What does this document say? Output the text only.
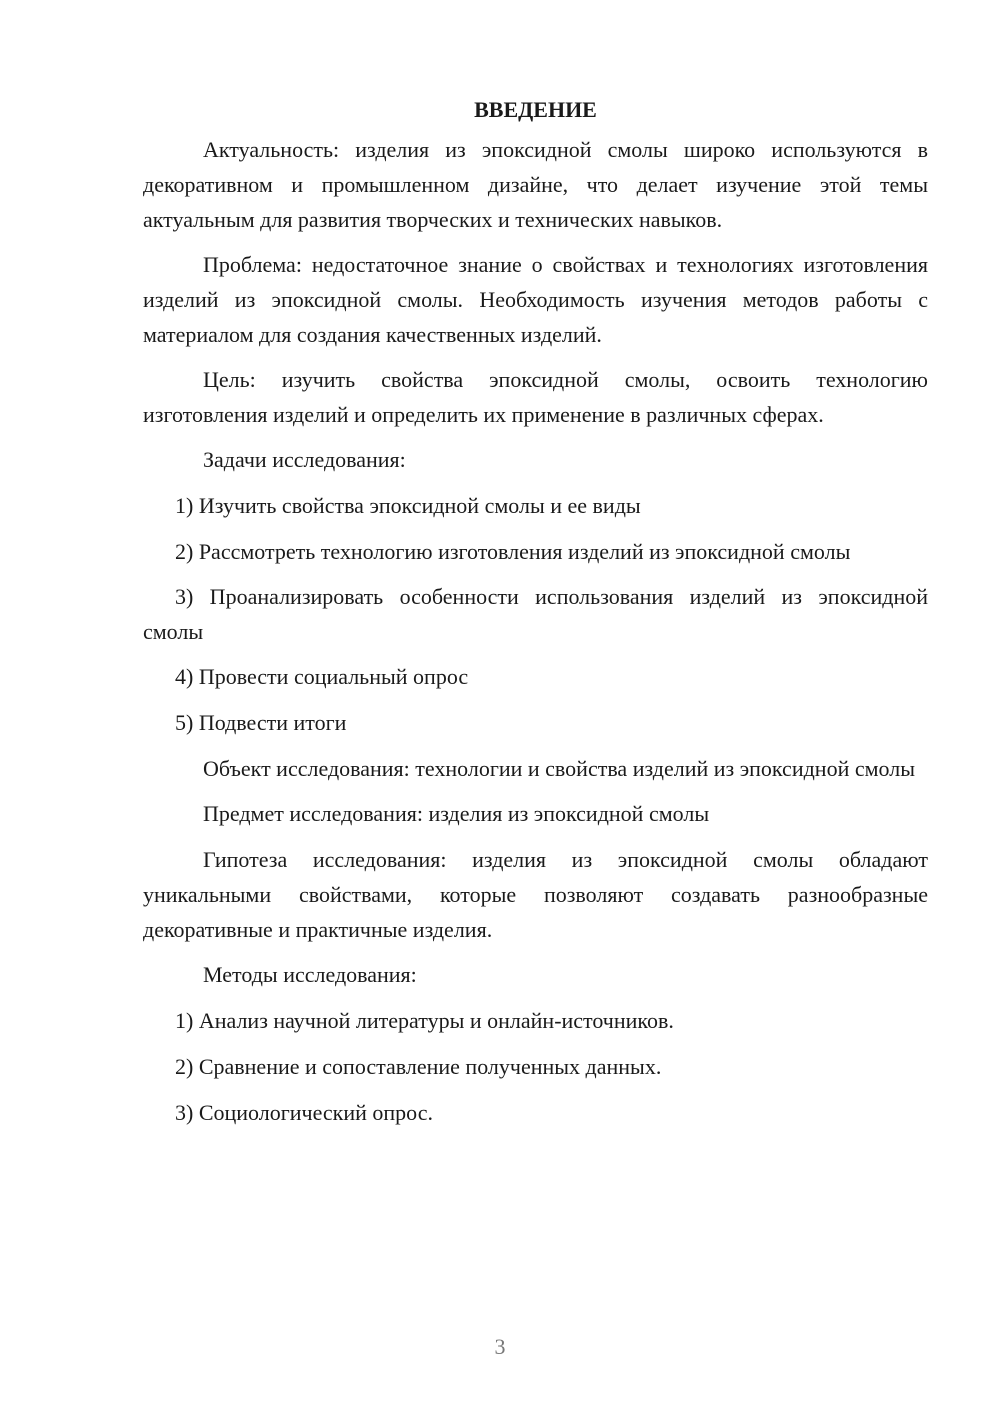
ВВЕДЕНИЕ

Актуальность: изделия из эпоксидной смолы широко используются в декоративном и промышленном дизайне, что делает изучение этой темы актуальным для развития творческих и технических навыков.

Проблема: недостаточное знание о свойствах и технологиях изготовления изделий из эпоксидной смолы. Необходимость изучения методов работы с материалом для создания качественных изделий.

Цель: изучить свойства эпоксидной смолы, освоить технологию изготовления изделий и определить их применение в различных сферах.

Задачи исследования:

1) Изучить свойства эпоксидной смолы и ее виды

2) Рассмотреть технологию изготовления изделий из эпоксидной смолы

3) Проанализировать особенности использования изделий из эпоксидной смолы

4) Провести социальный опрос

5) Подвести итоги

Объект исследования: технологии и свойства изделий из эпоксидной смолы

Предмет исследования: изделия из эпоксидной смолы

Гипотеза исследования: изделия из эпоксидной смолы обладают уникальными свойствами, которые позволяют создавать разнообразные декоративные и практичные изделия.

Методы исследования:

1) Анализ научной литературы и онлайн-источников.

2) Сравнение и сопоставление полученных данных.

3) Социологический опрос.

3
